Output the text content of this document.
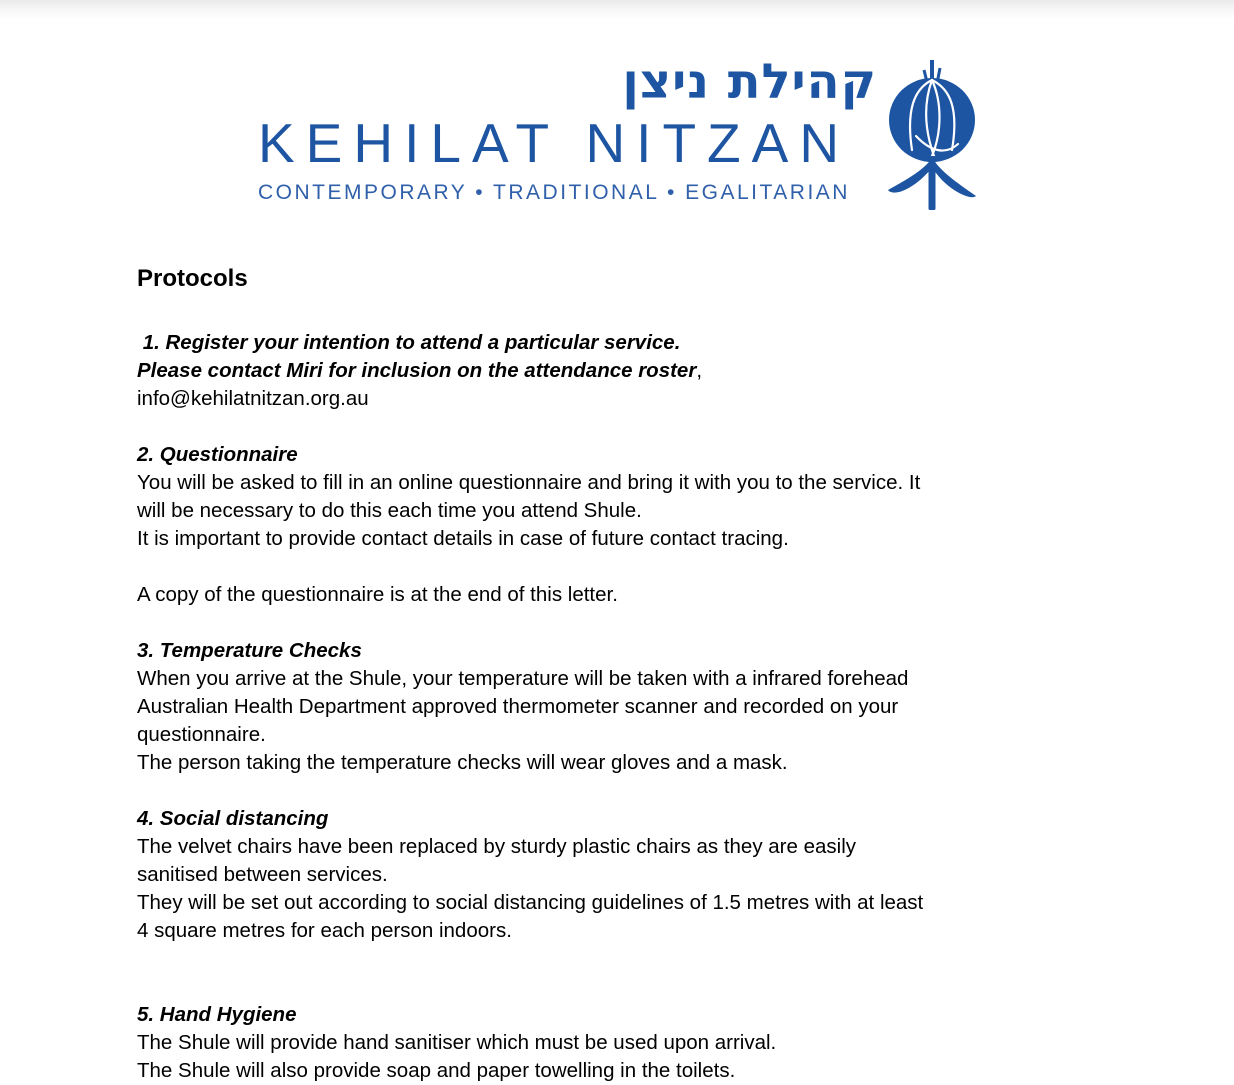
קהילת ניצן
KEHILAT NITZAN
CONTEMPORARY • TRADITIONAL • EGALITARIAN
Protocols
1. Register your intention to attend a particular service.
Please contact Miri for inclusion on the attendance roster,
info@kehilatnitzan.org.au
2. Questionnaire
You will be asked to fill in an online questionnaire and bring it with you to the service. It
will be necessary to do this each time you attend Shule.
It is important to provide contact details in case of future contact tracing.
A copy of the questionnaire is at the end of this letter.
3. Temperature Checks
When you arrive at the Shule, your temperature will be taken with a infrared forehead
Australian Health Department approved thermometer scanner and recorded on your
questionnaire.
The person taking the temperature checks will wear gloves and a mask.
4. Social distancing
The velvet chairs have been replaced by sturdy plastic chairs as they are easily
sanitised between services.
They will be set out according to social distancing guidelines of 1.5 metres with at least
4 square metres for each person indoors.
5. Hand Hygiene
The Shule will provide hand sanitiser which must be used upon arrival.
The Shule will also provide soap and paper towelling in the toilets.
